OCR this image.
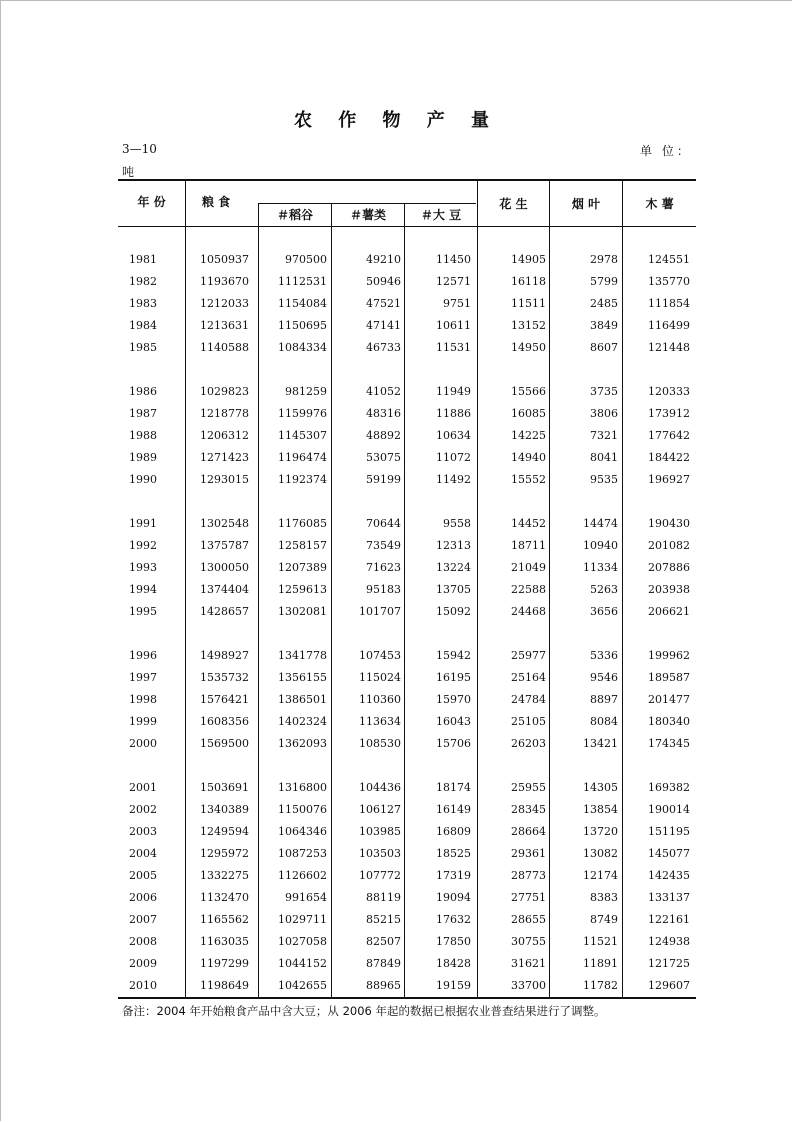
农 作 物 产 量
3—10	单 位：
吨
年 份	粮 食
＃稻谷	＃薯类	＃大 豆
花 生	烟 叶	木 薯
1981	1050937	970500	49210	11450	14905	2978	124551
1982	1193670	1112531	50946	12571	16118	5799	135770
1983	1212033	1154084	47521	9751	11511	2485	111854
1984	1213631	1150695	47141	10611	13152	3849	116499
1985	1140588	1084334	46733	11531	14950	8607	121448
1986	1029823	981259	41052	11949	15566	3735	120333
1987	1218778	1159976	48316	11886	16085	3806	173912
1988	1206312	1145307	48892	10634	14225	7321	177642
1989	1271423	1196474	53075	11072	14940	8041	184422
1990	1293015	1192374	59199	11492	15552	9535	196927
1991	1302548	1176085	70644	9558	14452	14474	190430
1992	1375787	1258157	73549	12313	18711	10940	201082
1993	1300050	1207389	71623	13224	21049	11334	207886
1994	1374404	1259613	95183	13705	22588	5263	203938
1995	1428657	1302081	101707	15092	24468	3656	206621
1996	1498927	1341778	107453	15942	25977	5336	199962
1997	1535732	1356155	115024	16195	25164	9546	189587
1998	1576421	1386501	110360	15970	24784	8897	201477
1999	1608356	1402324	113634	16043	25105	8084	180340
2000	1569500	1362093	108530	15706	26203	13421	174345
2001	1503691	1316800	104436	18174	25955	14305	169382
2002	1340389	1150076	106127	16149	28345	13854	190014
2003	1249594	1064346	103985	16809	28664	13720	151195
2004	1295972	1087253	103503	18525	29361	13082	145077
2005	1332275	1126602	107772	17319	28773	12174	142435
2006	1132470	991654	88119	19094	27751	8383	133137
2007	1165562	1029711	85215	17632	28655	8749	122161
2008	1163035	1027058	82507	17850	30755	11521	124938
2009	1197299	1044152	87849	18428	31621	11891	121725
2010	1198649	1042655	88965	19159	33700	11782	129607
备注：2004 年开始粮食产品中含大豆；从 2006 年起的数据已根据农业普查结果进行了调整。
